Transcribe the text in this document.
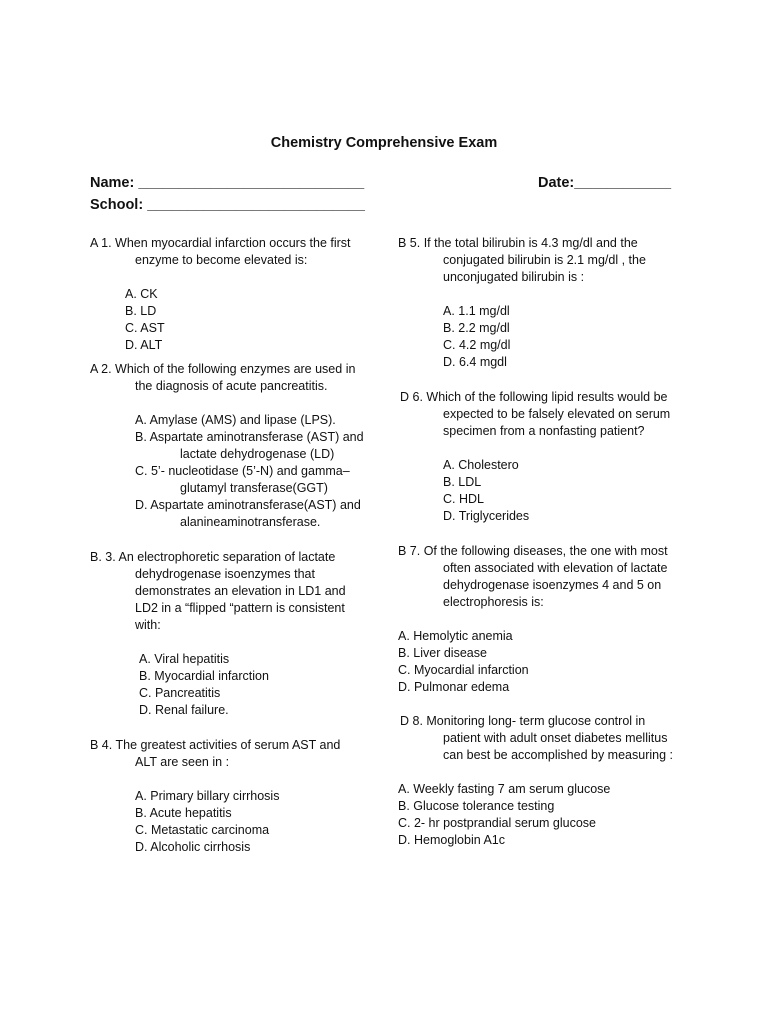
Chemistry Comprehensive Exam
Name: ____________________________
School: ___________________________
Date:____________
A 1. When myocardial infarction occurs the first
enzyme to become elevated is:
A. CK
B. LD
C. AST
D. ALT
A 2. Which of the following enzymes are used in
the diagnosis of acute pancreatitis.
A. Amylase (AMS) and lipase (LPS).
B. Aspartate aminotransferase (AST) and
lactate dehydrogenase (LD)
C. 5’- nucleotidase (5’-N) and gamma–
glutamyl transferase(GGT)
D. Aspartate aminotransferase(AST) and
alanineaminotransferase.
B. 3. An electrophoretic separation of lactate
dehydrogenase isoenzymes that
demonstrates an elevation in LD1 and
LD2 in a “flipped “pattern is consistent
with:
A. Viral hepatitis
B. Myocardial infarction
C. Pancreatitis
D. Renal failure.
B 4. The greatest activities of serum AST and
ALT are seen in :
A. Primary billary cirrhosis
B. Acute hepatitis
C. Metastatic carcinoma
D. Alcoholic cirrhosis
B 5. If the total bilirubin is 4.3 mg/dl and the
conjugated bilirubin is 2.1 mg/dl , the
unconjugated bilirubin is :
A. 1.1 mg/dl
B. 2.2 mg/dl
C. 4.2 mg/dl
D. 6.4 mgdl
D 6. Which of the following lipid results would be
expected to be falsely elevated on serum
specimen from a nonfasting patient?
A. Cholestero
B. LDL
C. HDL
D. Triglycerides
B 7. Of the following diseases, the one with most
often associated with elevation of lactate
dehydrogenase isoenzymes 4 and 5 on
electrophoresis is:
A. Hemolytic anemia
B. Liver disease
C. Myocardial infarction
D. Pulmonar edema
D 8. Monitoring long- term glucose control in
patient with adult onset diabetes mellitus
can best be accomplished by measuring :
A. Weekly fasting 7 am serum glucose
B. Glucose tolerance testing
C. 2- hr postprandial serum glucose
D. Hemoglobin A1c
